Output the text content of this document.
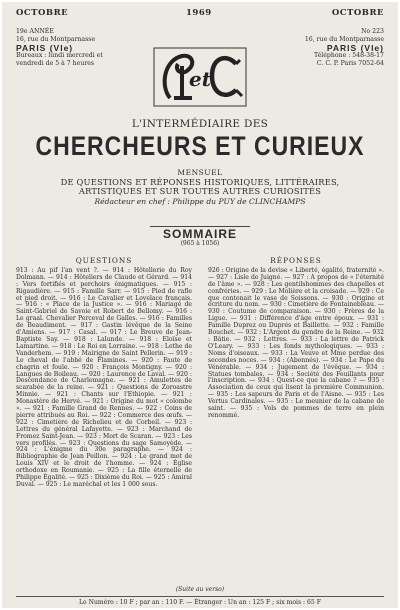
OCTOBRE	1969	OCTOBRE
19e ANNÉE
16, rue du Montparnasse
PARIS (VIe)
Bureaux : lundi mercredi et vendredi de 5 à 7 heures
No 223
16, rue du Montparnasse
PARIS (VIe)
Téléphone : 548-38-17
C. C. P. Paris 7052-64
et
L'INTERMÉDIAIRE DES
CHERCHEURS ET CURIEUX
MENSUEL
DE QUESTIONS ET RÉPONSES HISTORIQUES, LITTÉRAIRES,
ARTISTIQUES ET SUR TOUTES AUTRES CURIOSITÉS
Rédacteur en chef : Philippe du PUY de CLINCHAMPS
SOMMAIRE
(965 à 1056)
QUESTIONS

913 : Au pif l'an vent ?. — 914 : Hôtellerie du Roy Dolmann. — 914 : Hôteliers de Claude et Gérard. — 914 : Vers fortifiés et perchoirs énigmatiques. — 915 : Rigaudière. — 915 : Famille Sarr. — 915 : Pied de rafle et pied droit. — 916 : Le Cavalier et Lovelace français. — 916 : « Place de la Justice ». — 916 : Mariage de Saint-Gabriel de Savoie et Robert de Bellomy. — 916 : Le graal. Chevalier Perceval de Galles. — 916 : Familles de Beaudiment. — 917 : Gastin lévêque de la Seine d'Amiens. — 917 : Casal. — 917 : Le Breuve de Jean-Baptiste Say. — 918 : Lalunde. — 918 : Eloïse et Lamartine. — 918 : Le Roi en Lorraine. — 918 : Lethe de Vanderhem. — 919 : Mairigne de Saint Pellerin. — 919 : Le cheval de l'abbé de Flamines. — 920 : Faute de chagrin et foule. — 920 : François Montigny. — 920 : Langues de Boileau. — 920 : Laurence de Laval. — 920 : Descendance de Charlemagne. — 921 : Amulettes de scarabée de la reine. — 921 : Questions de Zoroastre Minnie. — 921 : Chants sur l'Ethiopie. — 921 : Monastère de Hervé. — 921 : Origine du mot « colombe ». — 921 : Famille Grand de Rennes. — 922 : Coins de pierre attribués au Roi. — 922 : Commerce des œufs. — 922 : Cimetière de Richelieu et de Corbeil. — 923 : Lettres du général Lafayette. — 923 : Marchand de Fromez Saint-Jean. — 923 : Mort de Scaran. — 923 : Les vers profilés. — 923 : Questions du sage Samoyède. — 924 : L'énigme du 30e paragraphe. — 924 : Bibliographie de Jean Peillon. — 924 : Le grand mot de Louis XIV et le droit de l'homme. — 924 : Église orthodoxe en Roumanie. — 925 : La fille éternelle de Philippe Égalité. — 925 : Dixième du Roi. — 925 : Amiral Duval. — 925 : Le maréchal et les 1 000 sous.

RÉPONSES

926 : Origine de la devise « Liberté, égalité, fraternité ». — 927 : Lisle de Juigné. — 927 : A propos de « l'éternité de l'âme ». — 928 : Les gentilshommes des chapelles et confréries. — 929 : Le Molière et la croisade. — 929 : Ce que contenait le vase de Soissons. — 930 : Origine et écriture du nom. — 930 : Cimetière de Fontainebleau. — 930 : Coutume de comparaison. — 930 : Frères de la Ligue. — 931 : Différence d'âge entre époux. — 931 : Famille Duprez ou Duprés et Baillette. — 932 : Famille Bouchet. — 932 : L'Argent du gendre de la Reine. — 932 : Bâtie. — 932 : Lettres. — 933 : La lettre de Patrick O'Leary. — 933 : Les fonds mythologiques. — 933 : Noms d'oiseaux. — 933 : La Veuve et Mme perdue des secondes noces. — 934 : (Abonnés). — 934 : Le Pape du Vénérable. — 934 : Jugement de l'évêque. — 934 : Statues tombales. — 934 : Société des Feuillants pour l'inscription. — 934 : Quest-ce que la cabane ? — 935 : Association de ceux qui lisent la première Communion. — 935 : Les sapeurs de Paris et de l'Aisne. — 935 : Les Vertus Cardinales. — 935 : Le meunier de la cabane de saint. — 935 : Vols de pommes de terre en plein renommé.

(Suite au verso)
Le Numéro : 10 F ; par an : 110 F. — Étranger : Un an : 125 F ; six mois : 65 F
